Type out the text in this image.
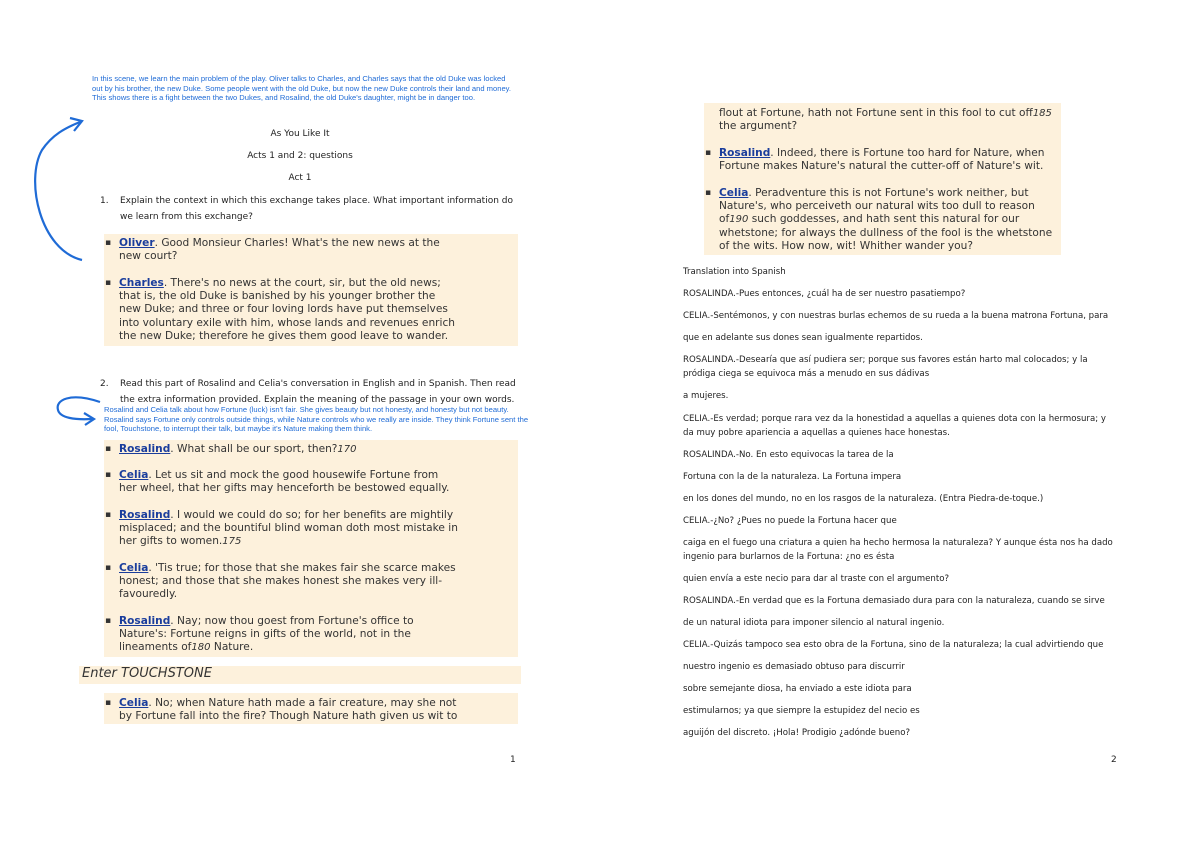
In this scene, we learn the main problem of the play. Oliver talks to Charles, and Charles says that the old Duke was locked out by his brother, the new Duke. Some people went with the old Duke, but now the new Duke controls their land and money. This shows there is a fight between the two Dukes, and Rosalind, the old Duke's daughter, might be in danger too.
As You Like It
Acts 1 and 2: questions
Act 1
1. Explain the context in which this exchange takes place. What important information do we learn from this exchange?
▪ Oliver. Good Monsieur Charles! What's the new news at the new court?
▪ Charles. There's no news at the court, sir, but the old news; that is, the old Duke is banished by his younger brother the new Duke; and three or four loving lords have put themselves into voluntary exile with him, whose lands and revenues enrich the new Duke; therefore he gives them good leave to wander.
2. Read this part of Rosalind and Celia's conversation in English and in Spanish. Then read the extra information provided. Explain the meaning of the passage in your own words.
Rosalind and Celia talk about how Fortune (luck) isn't fair. She gives beauty but not honesty, and honesty but not beauty. Rosalind says Fortune only controls outside things, while Nature controls who we really are inside. They think Fortune sent the fool, Touchstone, to interrupt their talk, but maybe it's Nature making them think.
▪ Rosalind. What shall be our sport, then?170
▪ Celia. Let us sit and mock the good housewife Fortune from her wheel, that her gifts may henceforth be bestowed equally.
▪ Rosalind. I would we could do so; for her benefits are mightily misplaced; and the bountiful blind woman doth most mistake in her gifts to women.175
▪ Celia. 'Tis true; for those that she makes fair she scarce makes honest; and those that she makes honest she makes very ill-favouredly.
▪ Rosalind. Nay; now thou goest from Fortune's office to Nature's: Fortune reigns in gifts of the world, not in the lineaments of180 Nature.
Enter TOUCHSTONE
▪ Celia. No; when Nature hath made a fair creature, may she not by Fortune fall into the fire? Though Nature hath given us wit to
1
flout at Fortune, hath not Fortune sent in this fool to cut off185 the argument?
▪ Rosalind. Indeed, there is Fortune too hard for Nature, when Fortune makes Nature's natural the cutter-off of Nature's wit.
▪ Celia. Peradventure this is not Fortune's work neither, but Nature's, who perceiveth our natural wits too dull to reason of190 such goddesses, and hath sent this natural for our whetstone; for always the dullness of the fool is the whetstone of the wits. How now, wit! Whither wander you?
2
Translation into Spanish
ROSALINDA.-Pues entonces, ¿cuál ha de ser nuestro pasatiempo?
CELIA.-Sentémonos, y con nuestras burlas echemos de su rueda a la buena matrona Fortuna, para
que en adelante sus dones sean igualmente repartidos.
ROSALINDA.-Desearía que así pudiera ser; porque sus favores están harto mal colocados; y la
pródiga ciega se equivoca más a menudo en sus dádivas
a mujeres.
CELIA.-Es verdad; porque rara vez da la honestidad a aquellas a quienes dota con la hermosura; y
da muy pobre apariencia a aquellas a quienes hace honestas.
ROSALINDA.-No. En esto equivocas la tarea de la
Fortuna con la de la naturaleza. La Fortuna impera
en los dones del mundo, no en los rasgos de la naturaleza. (Entra Piedra-de-toque.)
CELIA.-¿No? ¿Pues no puede la Fortuna hacer que
caiga en el fuego una criatura a quien ha hecho hermosa la naturaleza? Y aunque ésta nos ha dado
ingenio para burlarnos de la Fortuna: ¿no es ésta
quien envía a este necio para dar al traste con el argumento?
ROSALINDA.-En verdad que es la Fortuna demasiado dura para con la naturaleza, cuando se sirve
de un natural idiota para imponer silencio al natural ingenio.
CELIA.-Quizás tampoco sea esto obra de la Fortuna, sino de la naturaleza; la cual advirtiendo que
nuestro ingenio es demasiado obtuso para discurrir
sobre semejante diosa, ha enviado a este idiota para
estimularnos; ya que siempre la estupidez del necio es
aguijón del discreto. ¡Hola! Prodigio ¿adónde bueno?
